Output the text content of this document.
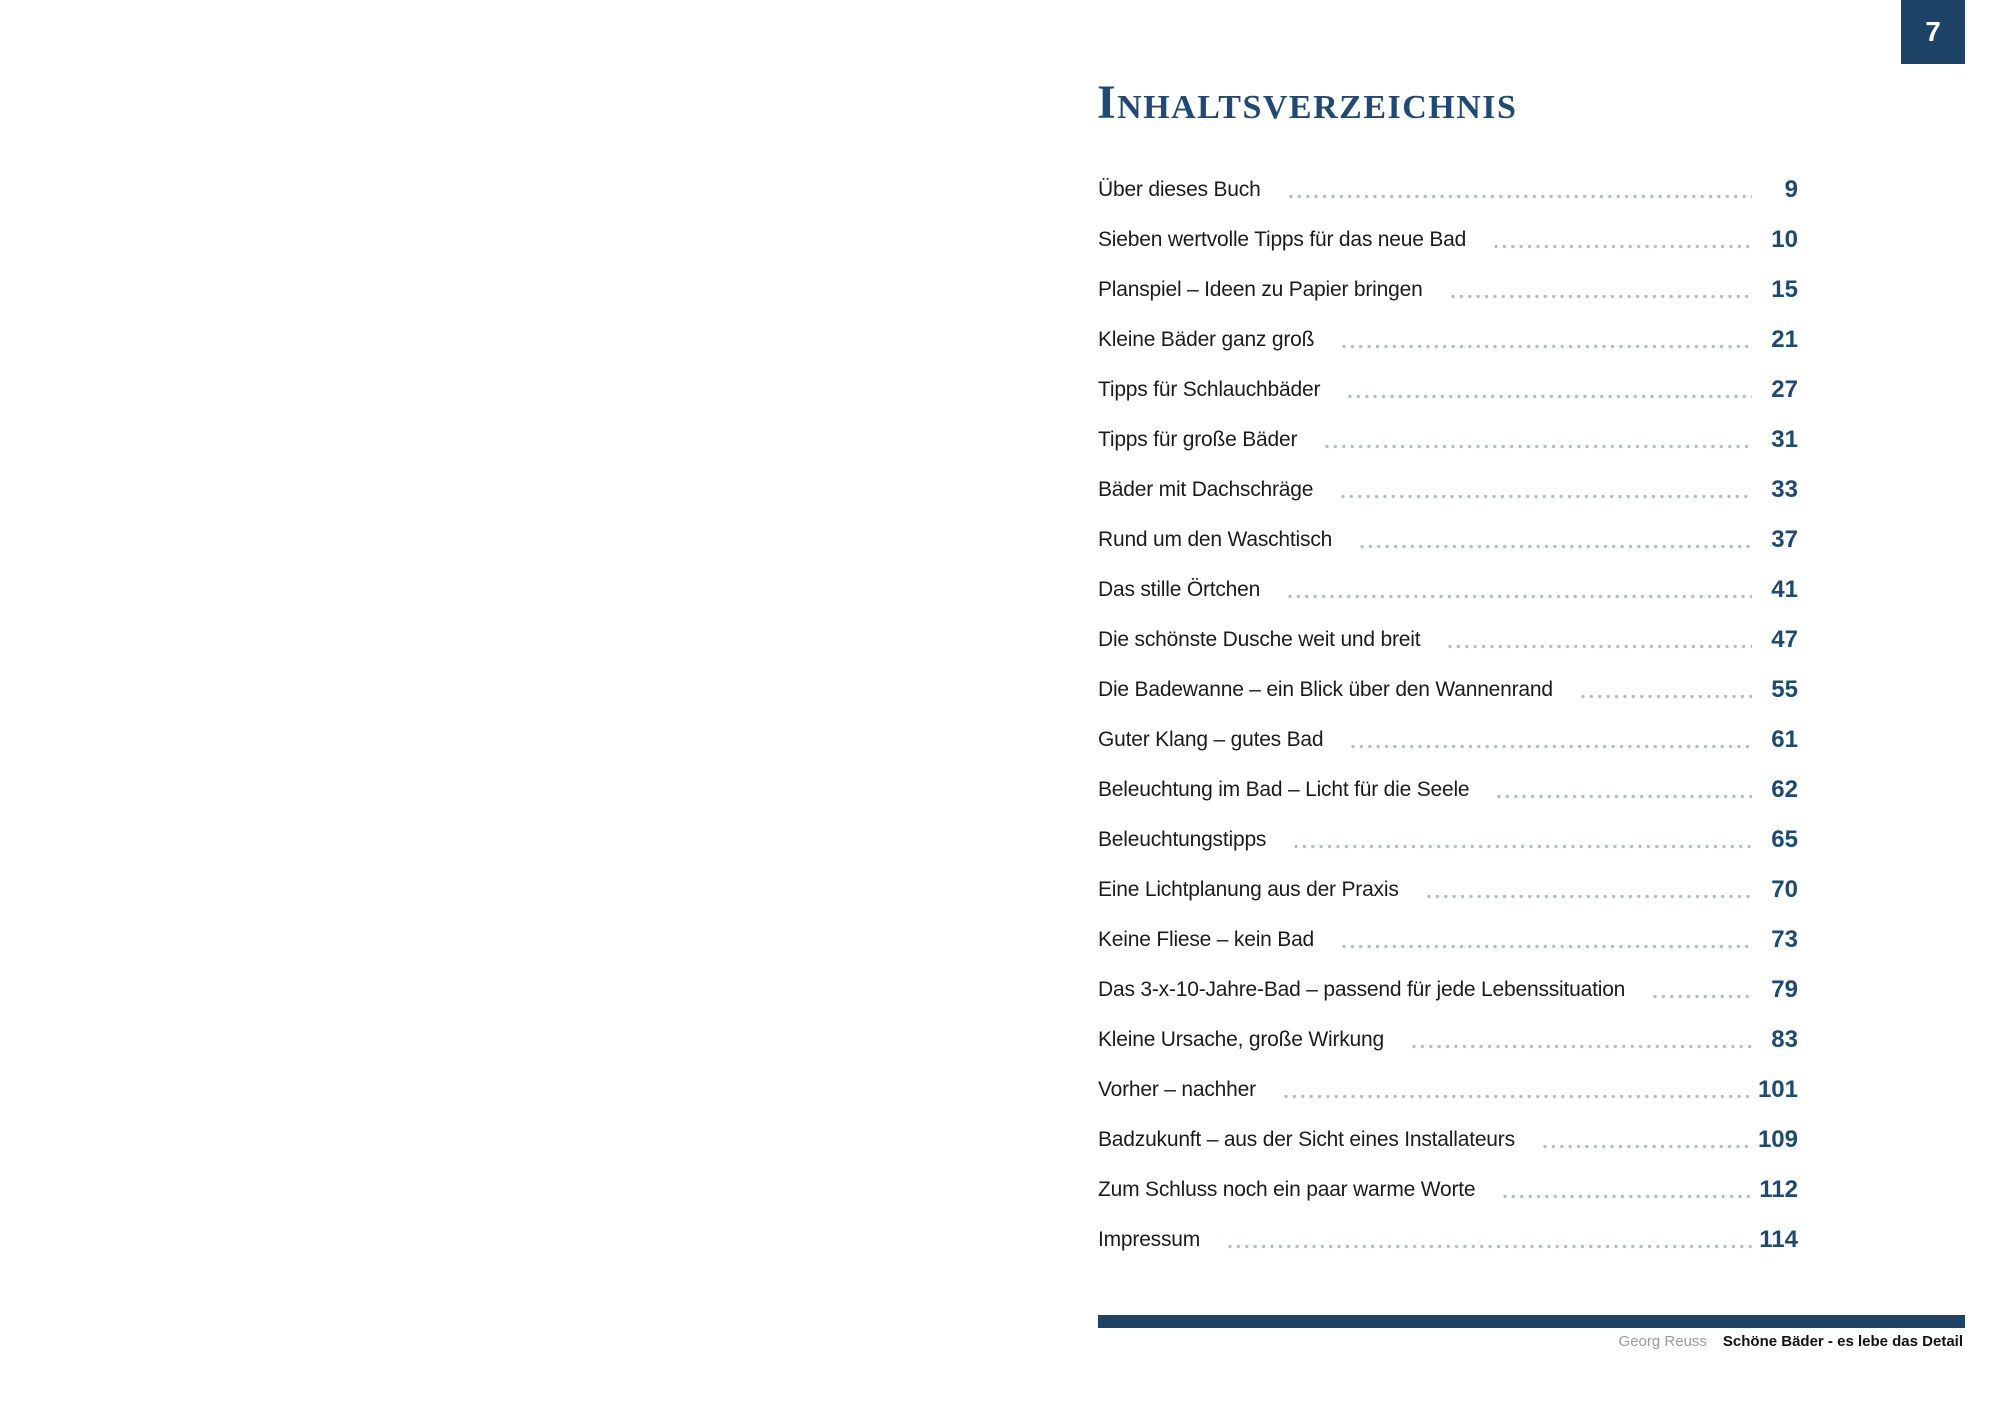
7
Inhaltsverzeichnis
Über dieses Buch	9
Sieben wertvolle Tipps für das neue Bad	10
Planspiel – Ideen zu Papier bringen	15
Kleine Bäder ganz groß	21
Tipps für Schlauchbäder	27
Tipps für große Bäder	31
Bäder mit Dachschräge	33
Rund um den Waschtisch	37
Das stille Örtchen	41
Die schönste Dusche weit und breit	47
Die Badewanne – ein Blick über den Wannenrand	55
Guter Klang – gutes Bad	61
Beleuchtung im Bad – Licht für die Seele	62
Beleuchtungstipps	65
Eine Lichtplanung aus der Praxis	70
Keine Fliese – kein Bad	73
Das 3-x-10-Jahre-Bad – passend für jede Lebenssituation	79
Kleine Ursache, große Wirkung	83
Vorher – nachher	101
Badzukunft – aus der Sicht eines Installateurs	109
Zum Schluss noch ein paar warme Worte	112
Impressum	114
Georg Reuss Schöne Bäder - es lebe das Detail
